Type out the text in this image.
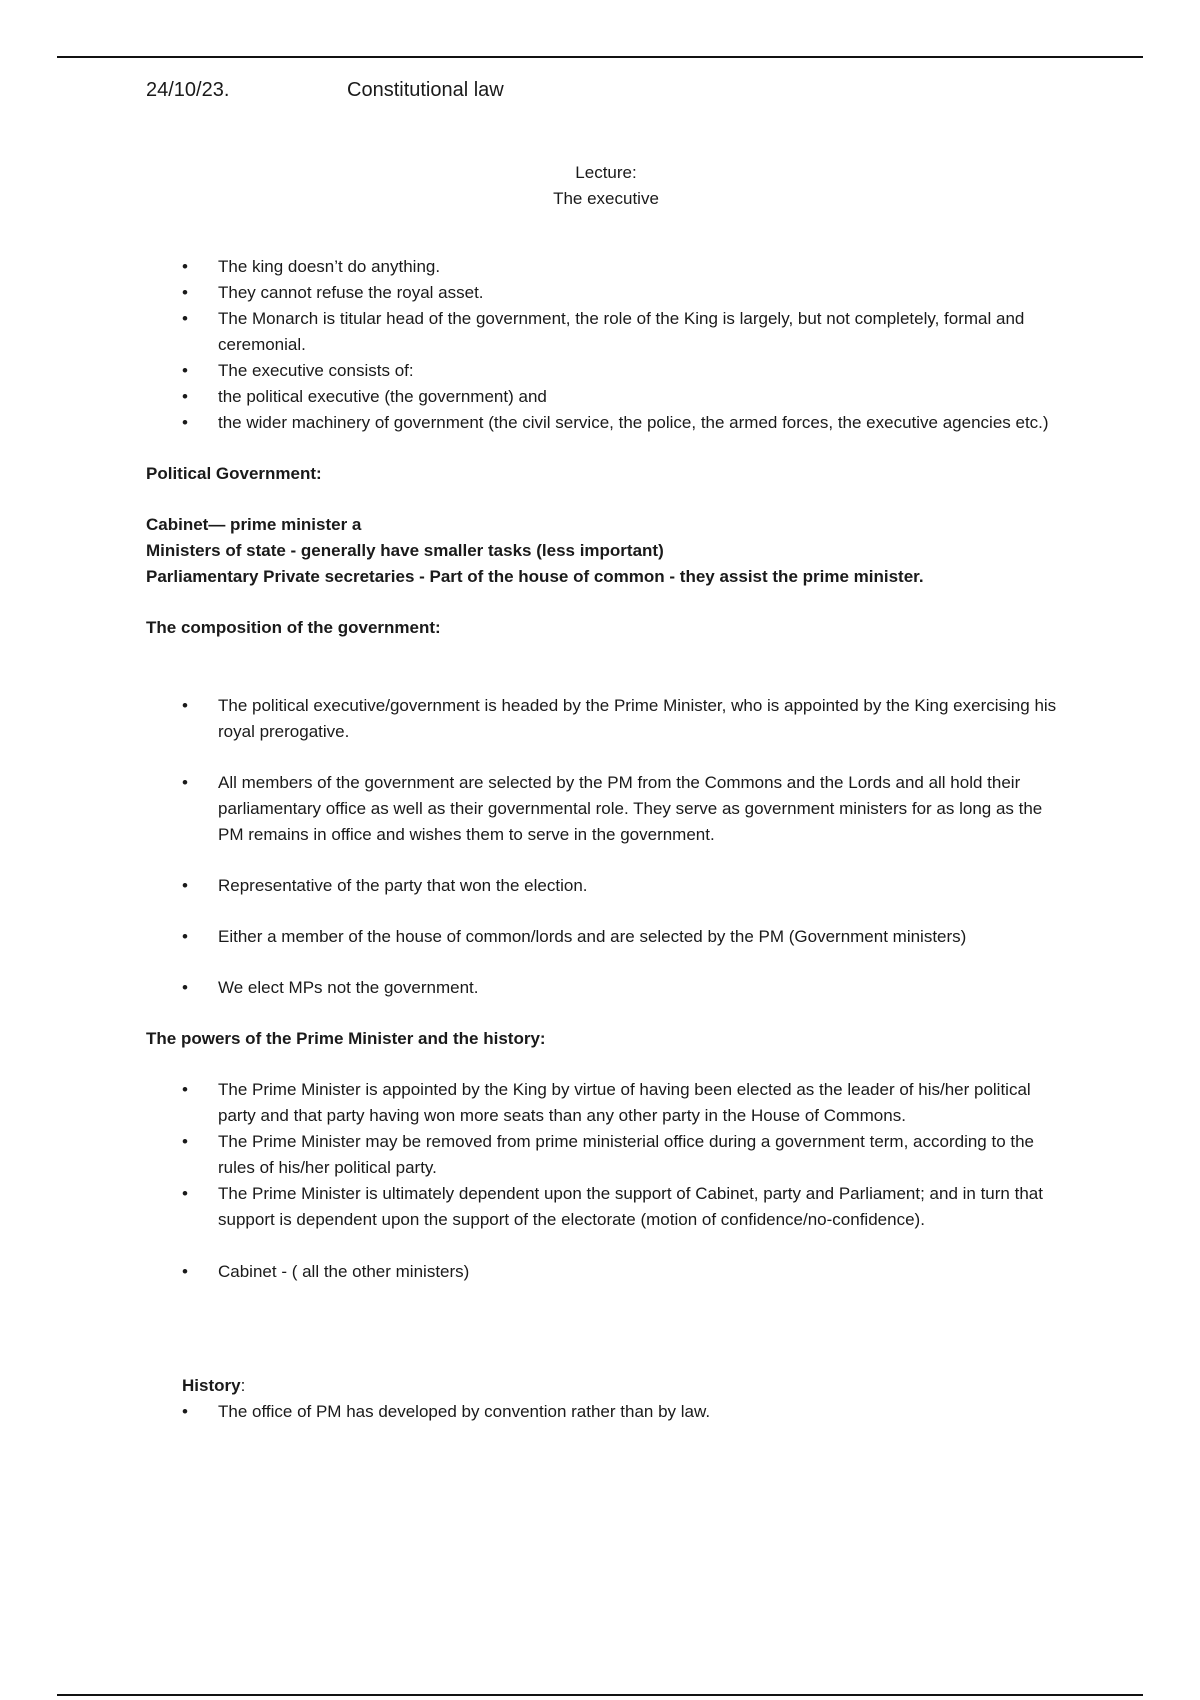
24/10/23.	Constitutional law
Lecture:
The executive
• The king doesn’t do anything.
• They cannot refuse the royal asset.
• The Monarch is titular head of the government, the role of the King is largely, but not completely, formal and ceremonial.
• The executive consists of:
• the political executive (the government) and
• the wider machinery of government (the civil service, the police, the armed forces, the executive agencies etc.)
Political Government:
Cabinet— prime minister a
Ministers of state - generally have smaller tasks (less important)
Parliamentary Private secretaries - Part of the house of common - they assist the prime minister.
The composition of the government:
• The political executive/government is headed by the Prime Minister, who is appointed by the King exercising his royal prerogative.
• All members of the government are selected by the PM from the Commons and the Lords and all hold their parliamentary office as well as their governmental role. They serve as government ministers for as long as the PM remains in office and wishes them to serve in the government.
• Representative of the party that won the election.
• Either a member of the house of common/lords and are selected by the PM (Government ministers)
• We elect MPs not the government.
The powers of the Prime Minister and the history:
• The Prime Minister is appointed by the King by virtue of having been elected as the leader of his/her political party and that party having won more seats than any other party in the House of Commons.
• The Prime Minister may be removed from prime ministerial office during a government term, according to the rules of his/her political party.
• The Prime Minister is ultimately dependent upon the support of Cabinet, party and Parliament; and in turn that support is dependent upon the support of the electorate (motion of confidence/no-confidence).
• Cabinet - ( all the other ministers)
History:
• The office of PM has developed by convention rather than by law.
